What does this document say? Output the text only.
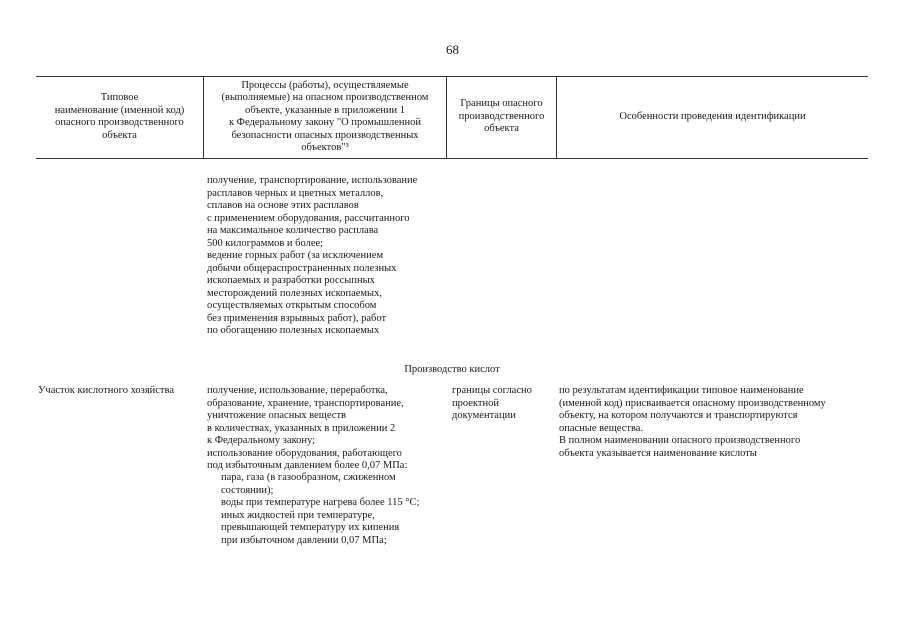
68
Типовое
наименование (именной код)
опасного производственного
объекта
Процессы (работы), осуществляемые
(выполняемые) на опасном производственном
объекте, указанные в приложении 1
к Федеральному закону "О промышленной
безопасности опасных производственных
объектов"³
Границы опасного
производственного
объекта
Особенности проведения идентификации
получение, транспортирование, использование
расплавов черных и цветных металлов,
сплавов на основе этих расплавов
с применением оборудования, рассчитанного
на максимальное количество расплава
500 килограммов и более;
ведение горных работ (за исключением
добычи общераспространенных полезных
ископаемых и разработки россыпных
месторождений полезных ископаемых,
осуществляемых открытым способом
без применения взрывных работ), работ
по обогащению полезных ископаемых
Производство кислот
Участок кислотного хозяйства	получение, использование, переработка,
образование, хранение, транспортирование,
уничтожение опасных веществ
в количествах, указанных в приложении 2
к Федеральному закону;
использование оборудования, работающего
под избыточным давлением более 0,07 МПа:
пара, газа (в газообразном, сжиженном
состоянии);
воды при температуре нагрева более 115 °С;
иных жидкостей при температуре,
превышающей температуру их кипения
при избыточном давлении 0,07 МПа;
границы согласно
проектной
документации
по результатам идентификации типовое наименование
(именной код) присваивается опасному производственному
объекту, на котором получаются и транспортируются
опасные вещества.
В полном наименовании опасного производственного
объекта указывается наименование кислоты
